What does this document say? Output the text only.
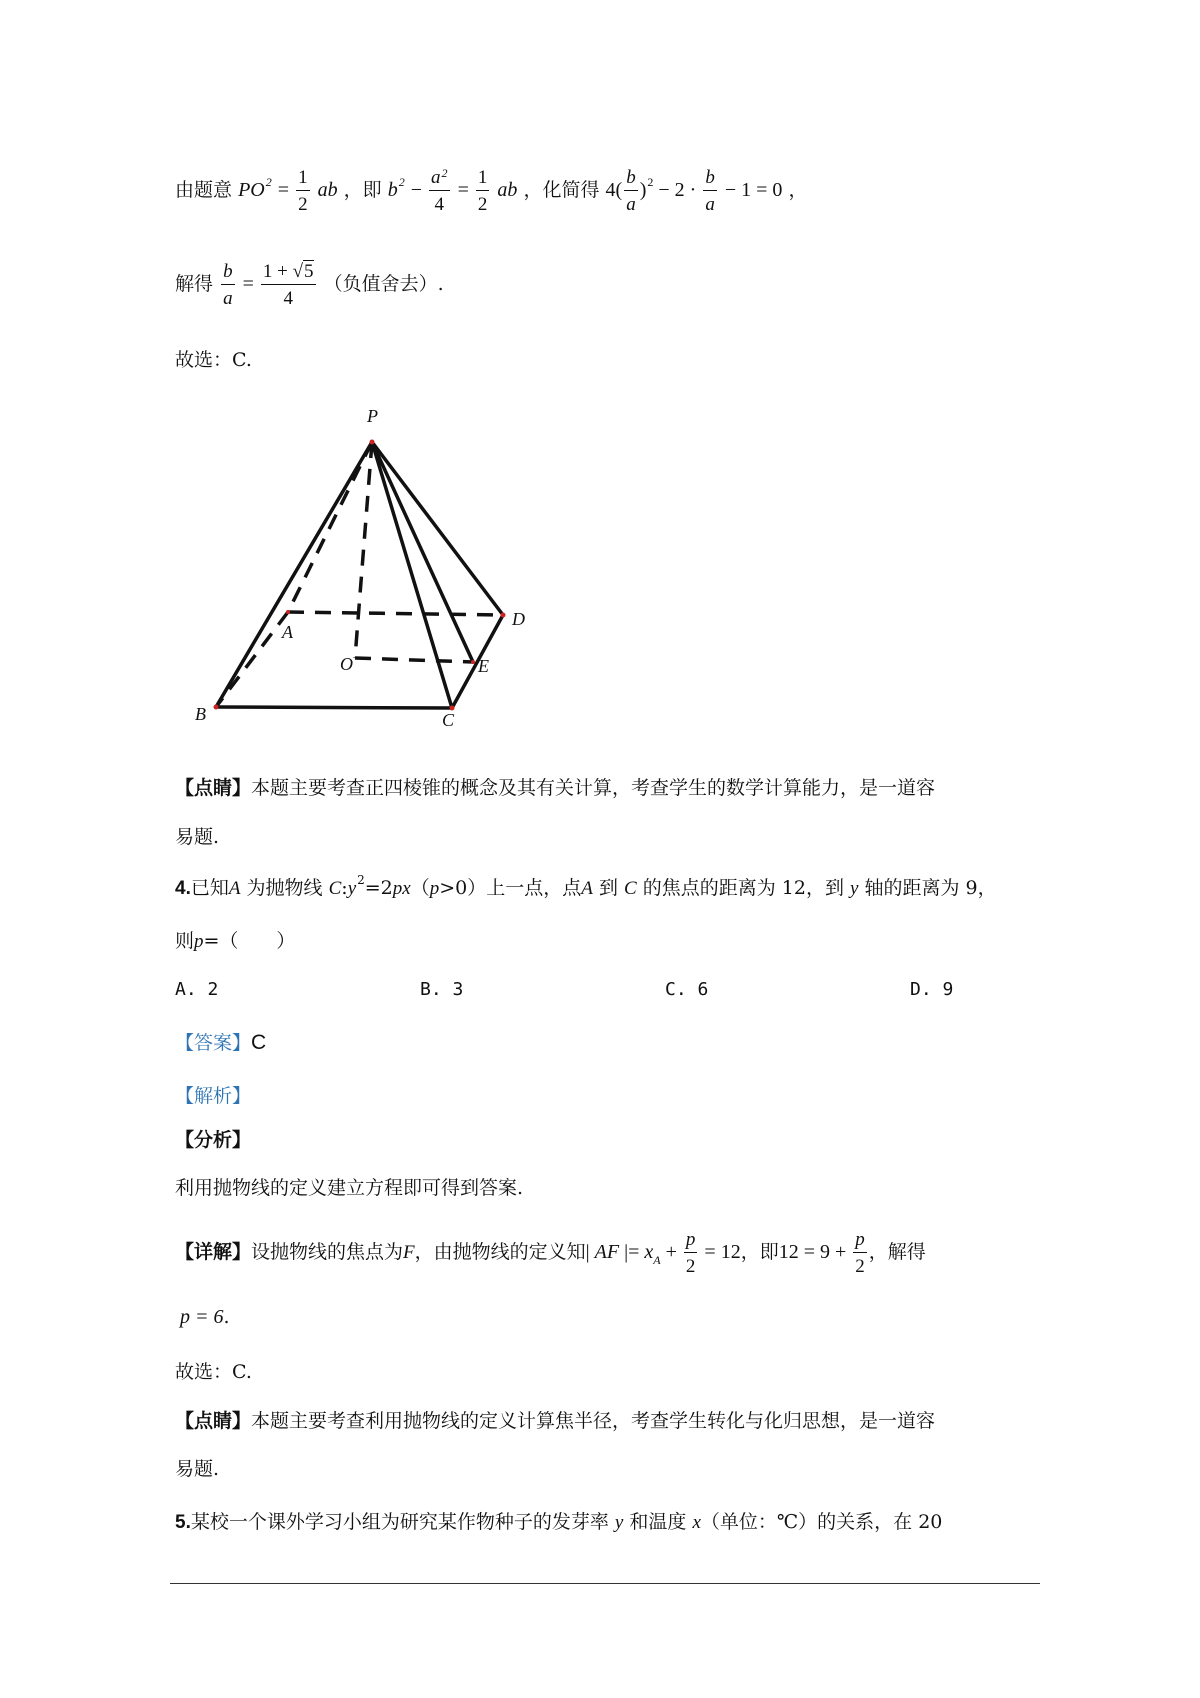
由题意 $PO^2 = \frac{1}{2}$ ab ，即 $b^2 - \frac{a^2}{4} = \frac{1}{2}$ ab ，化简得 $4( \frac{b}{a} )^2 - 2 \cdot \frac{b}{a} - 1 = 0$ ，
解得 $\frac{b}{a} = \frac{1 + √5}{4}$ （负值舍去）.
故选：C.
P
A
D
O	E
B	C
【点睛】本题主要考查正四棱锥的概念及其有关计算，考查学生的数学计算能力，是一道容
易题.
4.已知A 为抛物线 $C:y^2=2px(p>0)$上一点，点A 到 C 的焦点的距离为 12，到 y 轴的距离为 9，
则p=（　　）
A. 2	B. 3	C. 6	D. 9
【答案】C
【解析】
【分析】
利用抛物线的定义建立方程即可得到答案.
【详解】设抛物线的焦点为F，由抛物线的定义知| AF |= $x_A + \frac{p}{2} = 12$，即$12 = 9 + \frac{p}{2}$ ，解得
p = 6.
故选：C.
【点睛】本题主要考查利用抛物线的定义计算焦半径，考查学生转化与化归思想，是一道容
易题.
5.某校一个课外学习小组为研究某作物种子的发芽率 y 和温度 x（单位：℃）的关系，在 20
